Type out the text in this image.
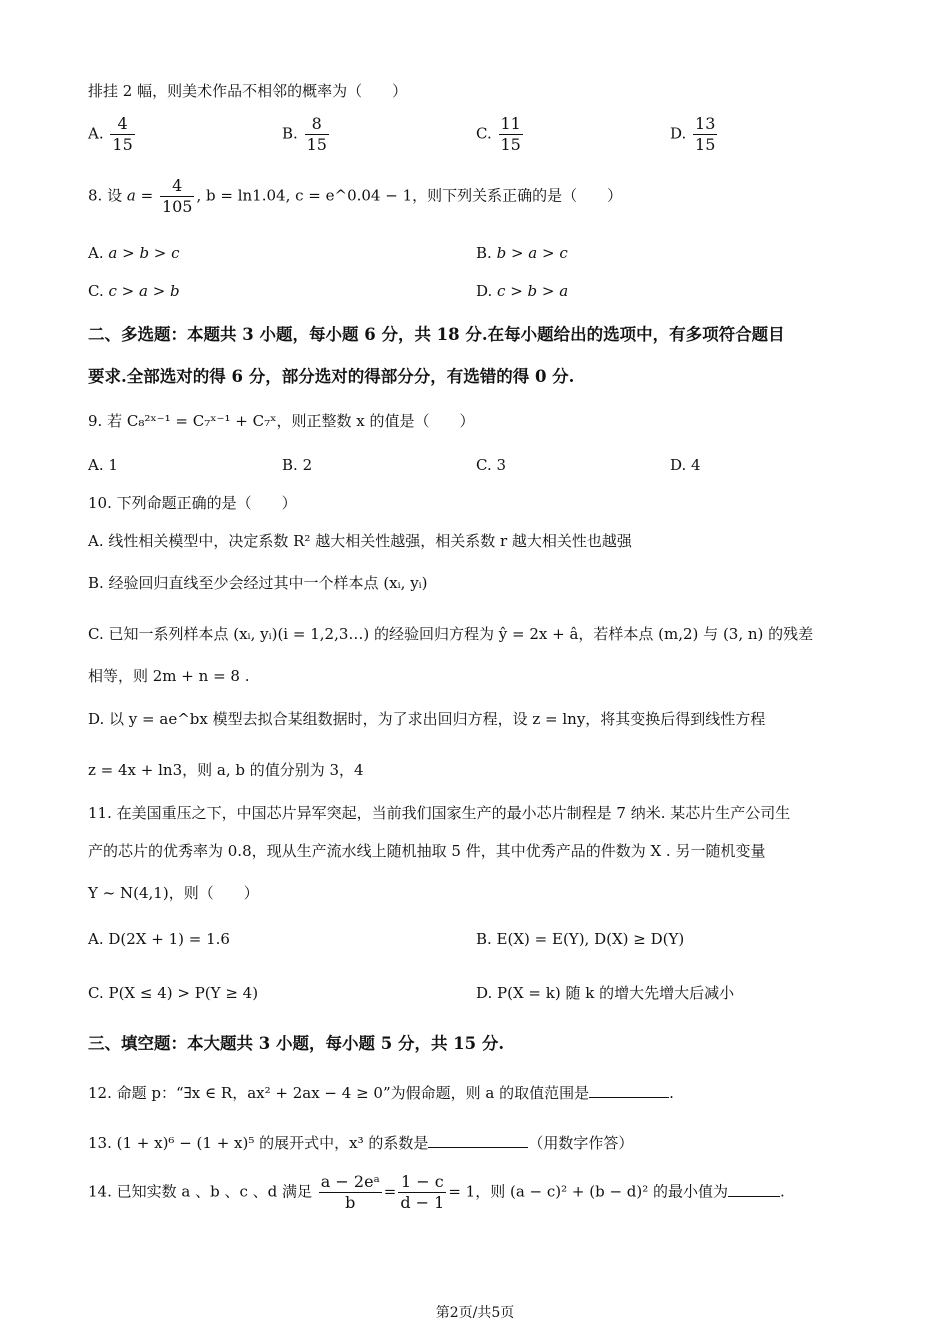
排挂 2 幅，则美术作品不相邻的概率为（　　）
A. $\frac{4}{15}$	B. $\frac{8}{15}$	C. $\frac{11}{15}$	D. $\frac{13}{15}$
8. 设 $a = \frac{4}{105}$ , b = ln1.04, c = e^0.04 − 1，则下列关系正确的是（　　）
A. a > b > c	B. b > a > c
C. c > a > b	D. c > b > a
二、多选题：本题共 3 小题，每小题 6 分，共 18 分.在每小题给出的选项中，有多项符合题目
要求.全部选对的得 6 分，部分选对的得部分分，有选错的得 0 分.
9. 若 C₈²ˣ⁻¹ = C₇ˣ⁻¹ + C₇ˣ，则正整数 x 的值是（　　）
A. 1	B. 2	C. 3	D. 4
10. 下列命题正确的是（　　）
A. 线性相关模型中，决定系数 R² 越大相关性越强，相关系数 r 越大相关性也越强
B. 经验回归直线至少会经过其中一个样本点 (xᵢ, yᵢ)
C. 已知一系列样本点 (xᵢ, yᵢ)(i = 1,2,3…) 的经验回归方程为 ŷ = 2x + â，若样本点 (m,2) 与 (3, n) 的残差
相等，则 2m + n = 8 .
D. 以 y = ae^bx 模型去拟合某组数据时，为了求出回归方程，设 z = lny，将其变换后得到线性方程
z = 4x + ln3，则 a, b 的值分别为 3，4
11. 在美国重压之下，中国芯片异军突起，当前我们国家生产的最小芯片制程是 7 纳米. 某芯片生产公司生
产的芯片的优秀率为 0.8，现从生产流水线上随机抽取 5 件，其中优秀产品的件数为 X . 另一随机变量
Y ~ N(4,1)，则（　　）
A. D(2X + 1) = 1.6	B. E(X) = E(Y), D(X) ≥ D(Y)
C. P(X ≤ 4) > P(Y ≥ 4)	D. P(X = k) 随 k 的增大先增大后减小
三、填空题：本大题共 3 小题，每小题 5 分，共 15 分.
12. 命题 p：“∃x ∈ R，ax² + 2ax − 4 ≥ 0”为假命题，则 a 的取值范围是	.
13. (1 + x)⁶ − (1 + x)⁵ 的展开式中，x³ 的系数是	（用数字作答）
14. 已知实数 a 、b 、c 、d 满足 $\frac{\text{a − 2eᵃ}}{b} = \frac{1 - c}{d - 1} = 1$，则 (a − c)² + (b − d)² 的最小值为	.
第2页/共5页
